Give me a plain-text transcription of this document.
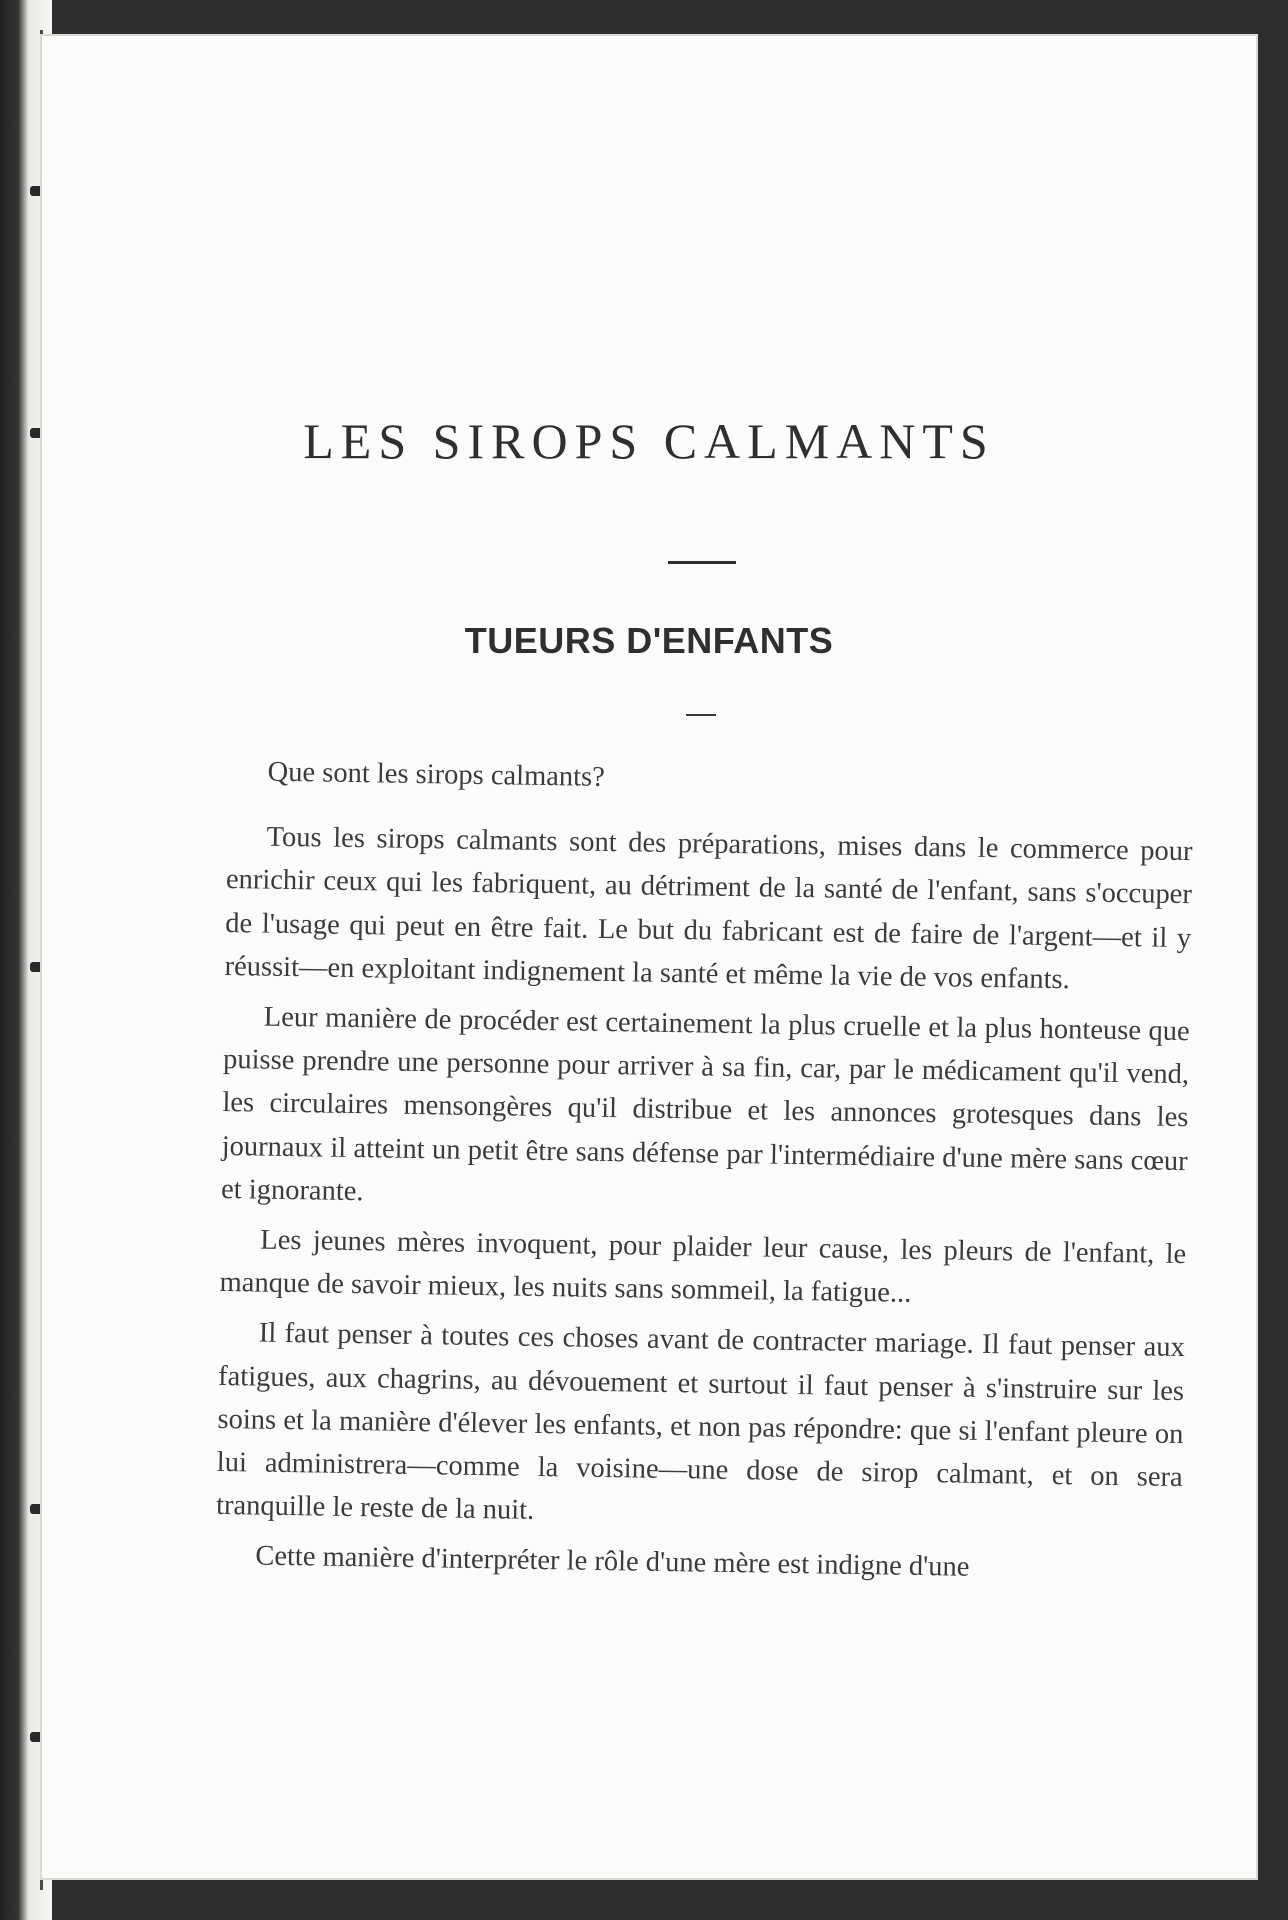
LES SIROPS CALMANTS
TUEURS D'ENFANTS

Que sont les sirops calmants?

Tous les sirops calmants sont des préparations, mises dans le commerce pour enrichir ceux qui les fabriquent, au détriment de la santé de l'enfant, sans s'occuper de l'usage qui peut en être fait. Le but du fabricant est de faire de l'argent—et il y réussit—en exploitant indignement la santé et même la vie de vos enfants.

Leur manière de procéder est certainement la plus cruelle et la plus honteuse que puisse prendre une personne pour arriver à sa fin, car, par le médicament qu'il vend, les circulaires mensongères qu'il distribue et les annonces grotesques dans les journaux il atteint un petit être sans défense par l'intermédiaire d'une mère sans cœur et ignorante.

Les jeunes mères invoquent, pour plaider leur cause, les pleurs de l'enfant, le manque de savoir mieux, les nuits sans sommeil, la fatigue...

Il faut penser à toutes ces choses avant de contracter mariage. Il faut penser aux fatigues, aux chagrins, au dévouement et surtout il faut penser à s'instruire sur les soins et la manière d'élever les enfants, et non pas répondre: que si l'enfant pleure on lui administrera—comme la voisine—une dose de sirop calmant, et on sera tranquille le reste de la nuit.

Cette manière d'interpréter le rôle d'une mère est indigne d'une
